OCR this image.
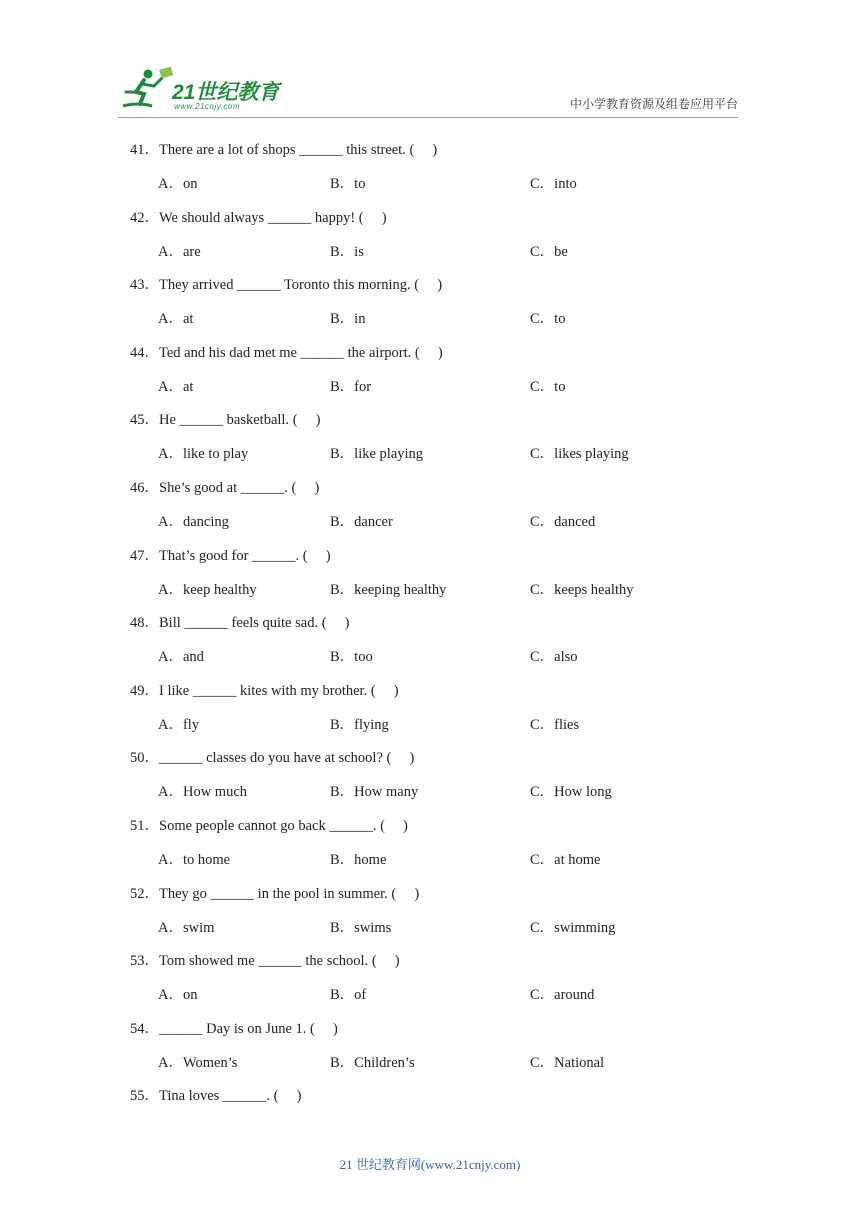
21世纪教育
www.21cnjy.com	中小学教育资源及组卷应用平台
41．There are a lot of shops ______ this street. (     )
A．on	B．to	C．into
42．We should always ______ happy! (     )
A．are	B．is	C．be
43．They arrived ______ Toronto this morning. (     )
A．at	B．in	C．to
44．Ted and his dad met me ______ the airport. (     )
A．at	B．for	C．to
45．He ______ basketball. (     )
A．like to play	B．like playing	C．likes playing
46．She’s good at ______. (     )
A．dancing	B．dancer	C．danced
47．That’s good for ______. (     )
A．keep healthy	B．keeping healthy	C．keeps healthy
48．Bill ______ feels quite sad. (     )
A．and	B．too	C．also
49．I like ______ kites with my brother. (     )
A．fly	B．flying	C．flies
50．______ classes do you have at school? (     )
A．How much	B．How many	C．How long
51．Some people cannot go back ______. (     )
A．to home	B．home	C．at home
52．They go ______ in the pool in summer. (     )
A．swim	B．swims	C．swimming
53．Tom showed me ______ the school. (     )
A．on	B．of	C．around
54．______ Day is on June 1. (     )
A．Women’s	B．Children’s	C．National
55．Tina loves ______. (     )
21 世纪教育网(www.21cnjy.com)
